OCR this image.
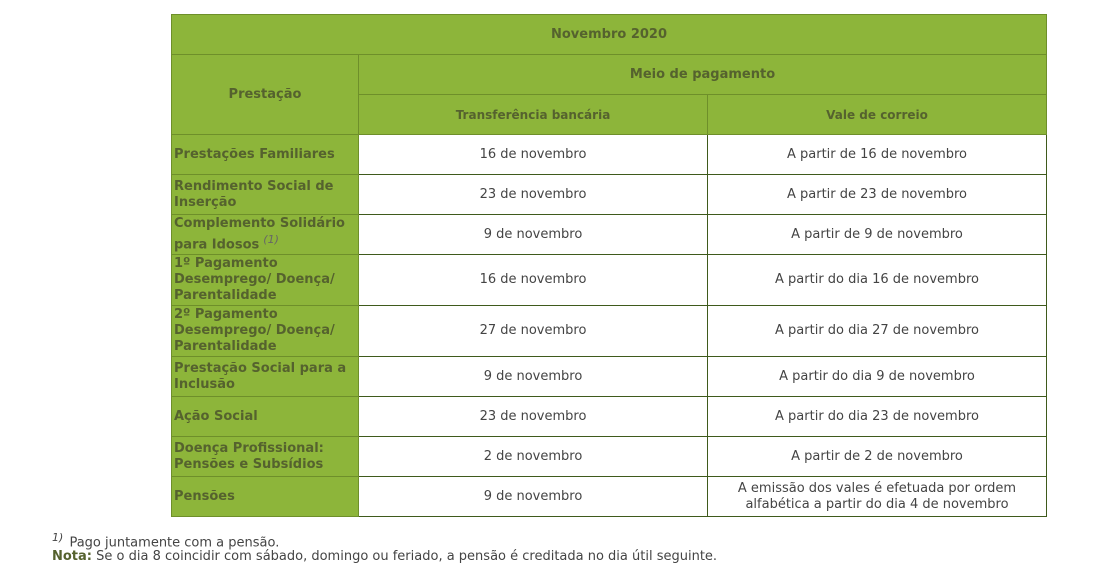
Novembro 2020		
Prestação	Meio de pagamento	
	Transferência bancária	Vale de correio
Prestações Familiares	16 de novembro	A partir de 16 de novembro
Rendimento Social de Inserção	23 de novembro	A partir de 23 de novembro
Complemento Solidário para Idosos $^{(1)}$	9 de novembro	A partir de 9 de novembro
1º Pagamento Desemprego/ Doença/ Parentalidade	16 de novembro	A partir do dia 16 de novembro
2º Pagamento Desemprego/ Doença/ Parentalidade	27 de novembro	A partir do dia 27 de novembro
Prestação Social para a Inclusão	9 de novembro	A partir do dia 9 de novembro
Ação Social	23 de novembro	A partir do dia 23 de novembro
Doença Profissional: Pensões e Subsídios	2 de novembro	A partir de 2 de novembro
Pensões	9 de novembro	A emissão dos vales é efetuada por ordem alfabética a partir do dia 4 de novembro
$^{1)}$ Pago juntamente com a pensão.
Nota: Se o dia 8 coincidir com sábado, domingo ou feriado, a pensão é creditada no dia útil seguinte.
